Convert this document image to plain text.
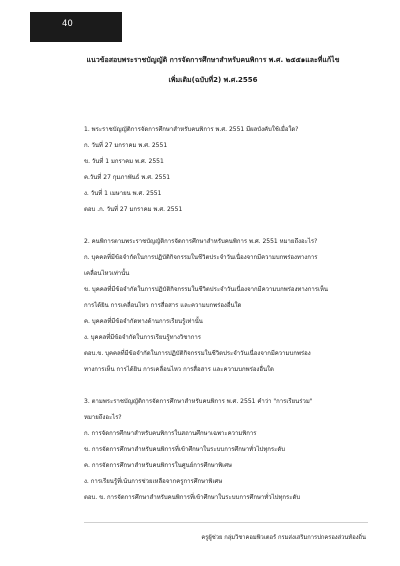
40
แนวข้อสอบพระราชบัญญัติ การจัดการศึกษาสำหรับคนพิการ พ.ศ. ๒๕๕๑และที่แก้ไข
เพิ่มเติม(ฉบับที่2) พ.ศ.2556
1. พระราชบัญญัติการจัดการศึกษาสำหรับคนพิการ พ.ศ. 2551 มีผลบังคับใช้เมื่อใด?
ก. วันที่ 27 มกราคม พ.ศ. 2551
ข. วันที่ 1 มกราคม พ.ศ. 2551
ค.วันที่ 27 กุมภาพันธ์ พ.ศ. 2551
ง. วันที่ 1 เมษายน พ.ศ. 2551
ตอบ .ก. วันที่ 27 มกราคม พ.ศ. 2551
2. คนพิการตามพระราชบัญญัติการจัดการศึกษาสำหรับคนพิการ พ.ศ. 2551 หมายถึงอะไร?
ก. บุคคลที่มีข้อจำกัดในการปฏิบัติกิจกรรมในชีวิตประจำวันเนื่องจากมีความบกพร่องทางการ
เคลื่อนไหวเท่านั้น
ข. บุคคลที่มีข้อจำกัดในการปฏิบัติกิจกรรมในชีวิตประจำวันเนื่องจากมีความบกพร่องทางการเห็น
การได้ยิน การเคลื่อนไหว การสื่อสาร และความบกพร่องอื่นใด
ค. บุคคลที่มีข้อจำกัดทางด้านการเรียนรู้เท่านั้น
ง. บุคคลที่มีข้อจำกัดในการเรียนรู้ทางวิชาการ
ตอบ.ข. บุคคลที่มีข้อจำกัดในการปฏิบัติกิจกรรมในชีวิตประจำวันเนื่องจากมีความบกพร่อง
ทางการเห็น การได้ยิน การเคลื่อนไหว การสื่อสาร และความบกพร่องอื่นใด
3. ตามพระราชบัญญัติการจัดการศึกษาสำหรับคนพิการ พ.ศ. 2551 คำว่า "การเรียนร่วม"
หมายถึงอะไร?
ก. การจัดการศึกษาสำหรับคนพิการในสถานศึกษาเฉพาะความพิการ
ข. การจัดการศึกษาสำหรับคนพิการที่เข้าศึกษาในระบบการศึกษาทั่วไปทุกระดับ
ค. การจัดการศึกษาสำหรับคนพิการในศูนย์การศึกษาพิเศษ
ง. การเรียนรู้ที่เน้นการช่วยเหลือจากครูการศึกษาพิเศษ
ตอบ. ข. การจัดการศึกษาสำหรับคนพิการที่เข้าศึกษาในระบบการศึกษาทั่วไปทุกระดับ
ครูผู้ช่วย กลุ่มวิชาคอมพิวเตอร์ กรมส่งเสริมการปกครองส่วนท้องถิ่น
